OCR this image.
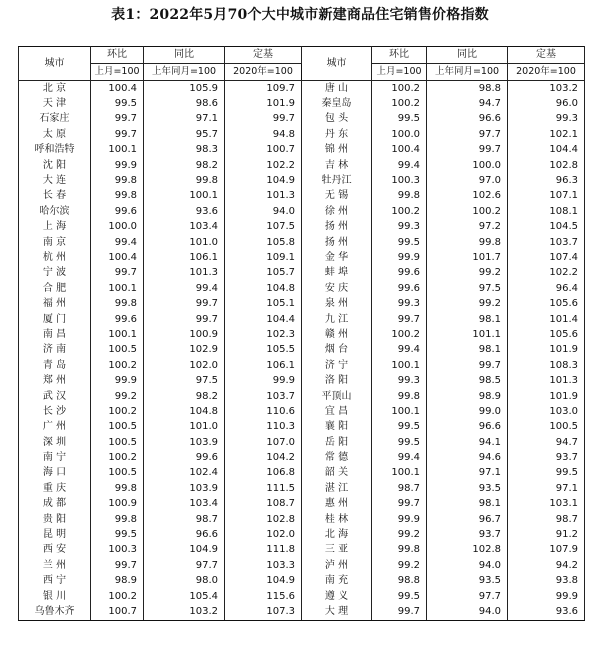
表1：2022年5月70个大中城市新建商品住宅销售价格指数
城市	环比	同比	定基	城市	环比	同比	定基
	上月=100	上年同月=100	2020年=100		上月=100	上年同月=100	2020年=100
北 京	100.4	105.9	109.7	唐 山	100.2	98.8	103.2
天 津	99.5	98.6	101.9	秦皇岛	100.2	94.7	96.0
石家庄	99.7	97.1	99.7	包 头	99.5	96.6	99.3
太 原	99.7	95.7	94.8	丹 东	100.0	97.7	102.1
呼和浩特	100.1	98.3	100.7	锦 州	100.4	99.7	104.4
沈 阳	99.9	98.2	102.2	吉 林	99.4	100.0	102.8
大 连	99.8	99.8	104.9	牡丹江	100.3	97.0	96.3
长 春	99.8	100.1	101.3	无 锡	99.8	102.6	107.1
哈尔滨	99.6	93.6	94.0	徐 州	100.2	100.2	108.1
上 海	100.0	103.4	107.5	扬 州	99.3	97.2	104.5
南 京	99.4	101.0	105.8	扬 州	99.5	99.8	103.7
杭 州	100.4	106.1	109.1	金 华	99.9	101.7	107.4
宁 波	99.7	101.3	105.7	蚌 埠	99.6	99.2	102.2
合 肥	100.1	99.4	104.8	安 庆	99.6	97.5	96.4
福 州	99.8	99.7	105.1	泉 州	99.3	99.2	105.6
厦 门	99.6	99.7	104.4	九 江	99.7	98.1	101.4
南 昌	100.1	100.9	102.3	赣 州	100.2	101.1	105.6
济 南	100.5	102.9	105.5	烟 台	99.4	98.1	101.9
青 岛	100.2	102.0	106.1	济 宁	100.1	99.7	108.3
郑 州	99.9	97.5	99.9	洛 阳	99.3	98.5	101.3
武 汉	99.2	98.2	103.7	平顶山	99.8	98.9	101.9
长 沙	100.2	104.8	110.6	宜 昌	100.1	99.0	103.0
广 州	100.5	101.0	110.3	襄 阳	99.5	96.6	100.5
深 圳	100.5	103.9	107.0	岳 阳	99.5	94.1	94.7
南 宁	100.2	99.6	104.2	常 德	99.4	94.6	93.7
海 口	100.5	102.4	106.8	韶 关	100.1	97.1	99.5
重 庆	99.8	103.9	111.5	湛 江	98.7	93.5	97.1
成 都	100.9	103.4	108.7	惠 州	99.7	98.1	103.1
贵 阳	99.8	98.7	102.8	桂 林	99.9	96.7	98.7
昆 明	99.5	96.6	102.0	北 海	99.2	93.7	91.2
西 安	100.3	104.9	111.8	三 亚	99.8	102.8	107.9
兰 州	99.7	97.7	103.3	泸 州	99.2	94.0	94.2
西 宁	98.9	98.0	104.9	南 充	98.8	93.5	93.8
银 川	100.2	105.4	115.6	遵 义	99.5	97.7	99.9
乌鲁木齐	100.7	103.2	107.3	大 理	99.7	94.0	93.6
